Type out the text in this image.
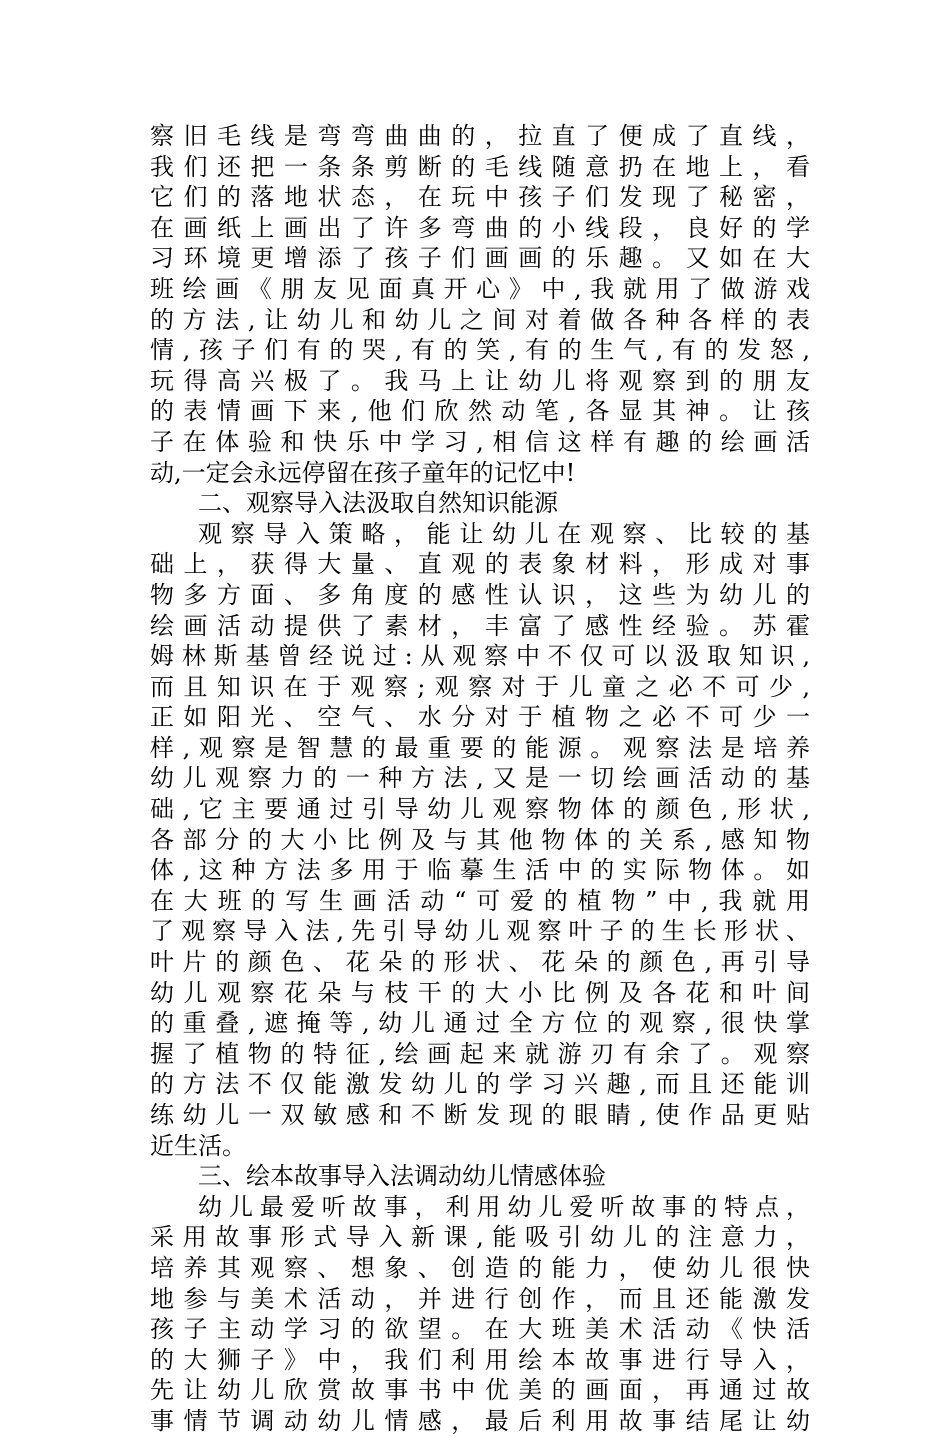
察旧毛线是弯弯曲曲的，拉直了便成了直线，
我们还把一条条剪断的毛线随意扔在地上，看
它们的落地状态，在玩中孩子们发现了秘密，
在画纸上画出了许多弯曲的小线段，良好的学
习环境更增添了孩子们画画的乐趣。又如在大
班绘画《朋友见面真开心》中,我就用了做游戏
的方法,让幼儿和幼儿之间对着做各种各样的表
情,孩子们有的哭,有的笑,有的生气,有的发怒,
玩得高兴极了。我马上让幼儿将观察到的朋友
的表情画下来,他们欣然动笔,各显其神。让孩
子在体验和快乐中学习,相信这样有趣的绘画活
动,一定会永远停留在孩子童年的记忆中!
二、观察导入法汲取自然知识能源
观察导入策略，能让幼儿在观察、比较的基
础上，获得大量、直观的表象材料，形成对事
物多方面、多角度的感性认识，这些为幼儿的
绘画活动提供了素材，丰富了感性经验。苏霍
姆林斯基曾经说过:从观察中不仅可以汲取知识,
而且知识在于观察;观察对于儿童之必不可少,
正如阳光、空气、水分对于植物之必不可少一
样,观察是智慧的最重要的能源。观察法是培养
幼儿观察力的一种方法,又是一切绘画活动的基
础,它主要通过引导幼儿观察物体的颜色,形状,
各部分的大小比例及与其他物体的关系,感知物
体,这种方法多用于临摹生活中的实际物体。如
在大班的写生画活动“可爱的植物”中,我就用
了观察导入法,先引导幼儿观察叶子的生长形状、
叶片的颜色、花朵的形状、花朵的颜色,再引导
幼儿观察花朵与枝干的大小比例及各花和叶间
的重叠,遮掩等,幼儿通过全方位的观察,很快掌
握了植物的特征,绘画起来就游刃有余了。观察
的方法不仅能激发幼儿的学习兴趣,而且还能训
练幼儿一双敏感和不断发现的眼睛,使作品更贴
近生活。
三、绘本故事导入法调动幼儿情感体验
幼儿最爱听故事，利用幼儿爱听故事的特点，
采用故事形式导入新课,能吸引幼儿的注意力，
培养其观察、想象、创造的能力，使幼儿很快
地参与美术活动，并进行创作，而且还能激发
孩子主动学习的欲望。在大班美术活动《快活
的大狮子》中，我们利用绘本故事进行导入，
先让幼儿欣赏故事书中优美的画面，再通过故
事情节调动幼儿情感，最后利用故事结尾让幼
